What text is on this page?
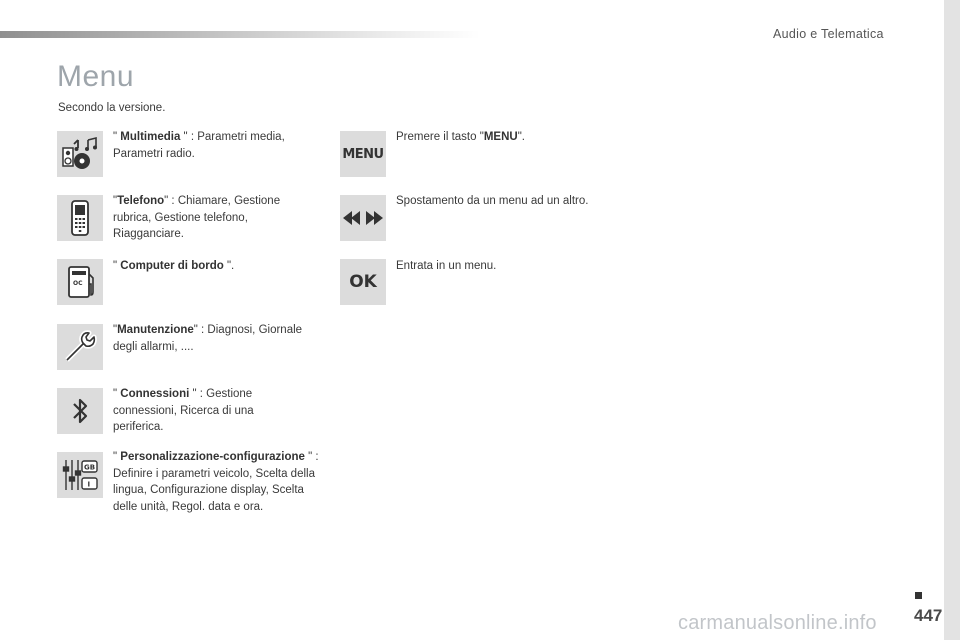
Audio e Telematica
Menu
Secondo la versione.
" Multimedia " : Parametri media, Parametri radio.
"Telefono" : Chiamare, Gestione rubrica, Gestione telefono, Riagganciare.
OC
" Computer di bordo ".
"Manutenzione" : Diagnosi, Giornale degli allarmi, ....
" Connessioni " : Gestione connessioni, Ricerca di una periferica.
GB
I
" Personalizzazione-configurazione " : Definire i parametri veicolo, Scelta della lingua, Configurazione display, Scelta delle unità, Regol. data e ora.
MENU
Premere il tasto "MENU".
Spostamento da un menu ad un altro.
OK
Entrata in un menu.
447
carmanualsonline.info
